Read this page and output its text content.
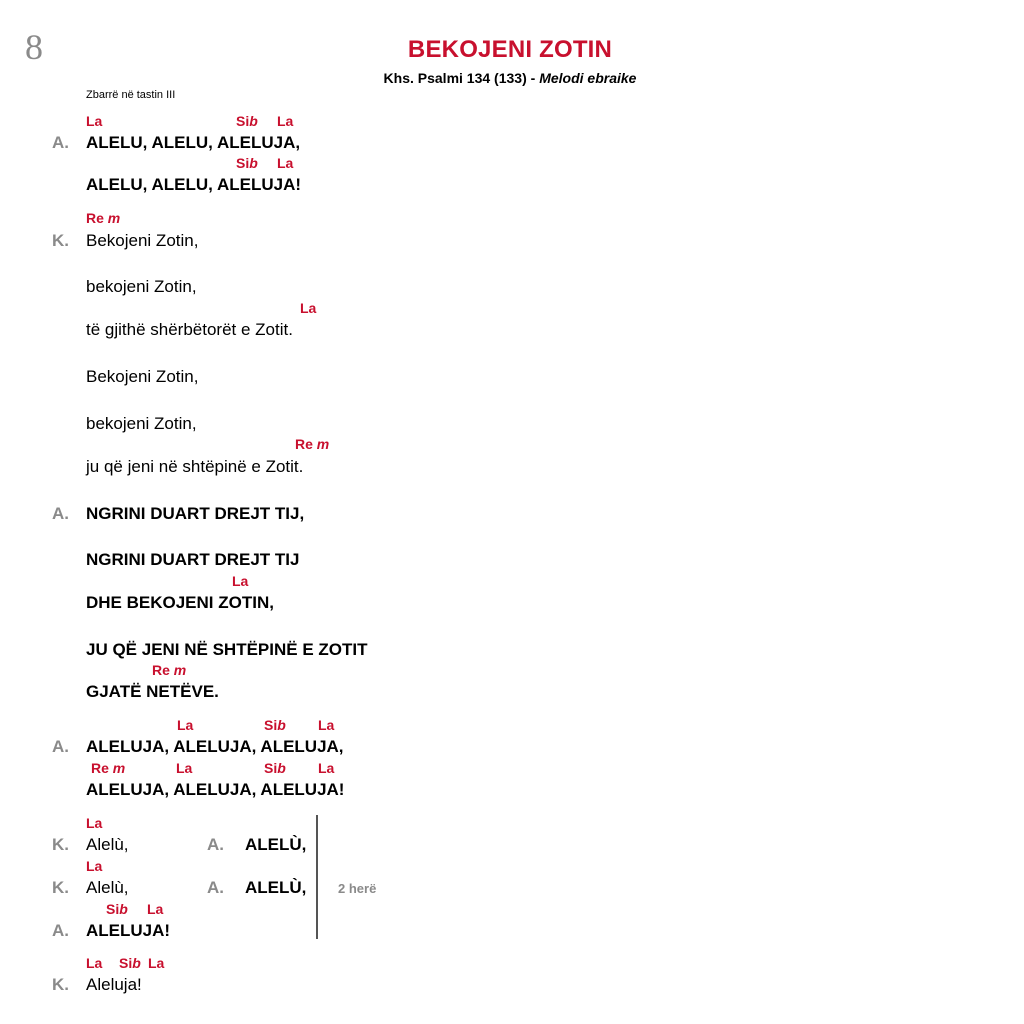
8	BEKOJENI ZOTIN
Khs. Psalmi 134 (133) - Melodi ebraike
Zbarrë në tastin III
La	Sib La
A. ALELU, ALELU, ALELUJA,
Sib La
ALELU, ALELU, ALELUJA!
Re m
K. Bekojeni Zotin,
bekojeni Zotin,
La
të gjithë shërbëtorët e Zotit.
Bekojeni Zotin,
bekojeni Zotin,
Re m
ju që jeni në shtëpinë e Zotit.
A. NGRINI DUART DREJT TIJ,
NGRINI DUART DREJT TIJ
La
DHE BEKOJENI ZOTIN,
JU QË JENI NË SHTËPINË E ZOTIT
Re m
GJATË NETËVE.
La	Sib La
A. ALELUJA, ALELUJA, ALELUJA,
Re m	La	Sib La
ALELUJA, ALELUJA, ALELUJA!
La
K. Alelù,	A. ALELÙ,
La
K. Alelù,	A. ALELÙ,
Sib La
A. ALELUJA!
2 herë
La Sib La
K. Aleluja!
